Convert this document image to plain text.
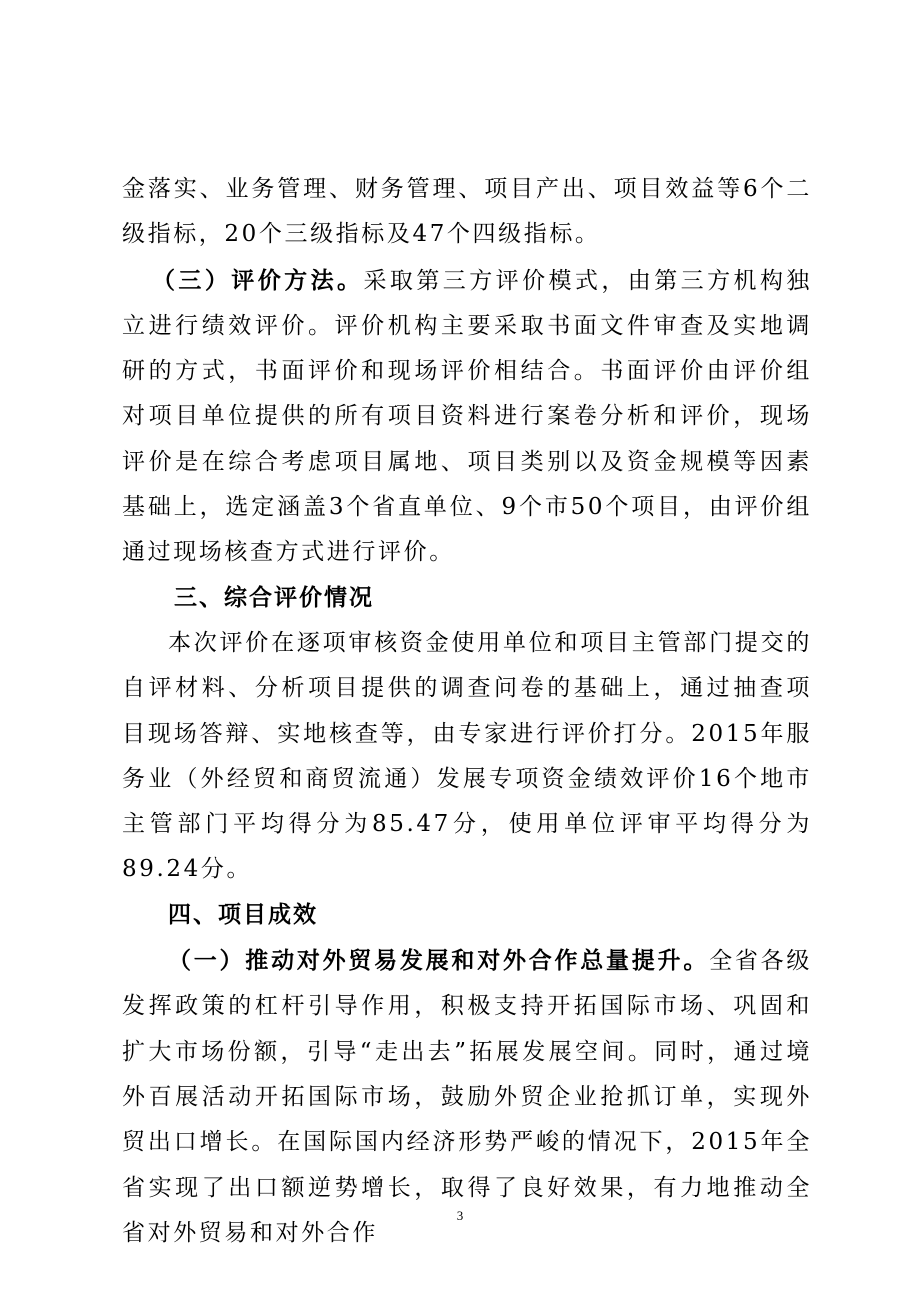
金落实、业务管理、财务管理、项目产出、项目效益等6个二级指标，20个三级指标及47个四级指标。

（三）评价方法。采取第三方评价模式，由第三方机构独立进行绩效评价。评价机构主要采取书面文件审查及实地调研的方式，书面评价和现场评价相结合。书面评价由评价组对项目单位提供的所有项目资料进行案卷分析和评价，现场评价是在综合考虑项目属地、项目类别以及资金规模等因素基础上，选定涵盖3个省直单位、9个市50个项目，由评价组通过现场核查方式进行评价。

三、综合评价情况

本次评价在逐项审核资金使用单位和项目主管部门提交的自评材料、分析项目提供的调查问卷的基础上，通过抽查项目现场答辩、实地核查等，由专家进行评价打分。2015年服务业（外经贸和商贸流通）发展专项资金绩效评价16个地市主管部门平均得分为85.47分，使用单位评审平均得分为89.24分。

四、项目成效

（一）推动对外贸易发展和对外合作总量提升。全省各级发挥政策的杠杆引导作用，积极支持开拓国际市场、巩固和扩大市场份额，引导“走出去”拓展发展空间。同时，通过境外百展活动开拓国际市场，鼓励外贸企业抢抓订单，实现外贸出口增长。在国际国内经济形势严峻的情况下，2015年全省实现了出口额逆势增长，取得了良好效果，有力地推动全省对外贸易和对外合作

3
